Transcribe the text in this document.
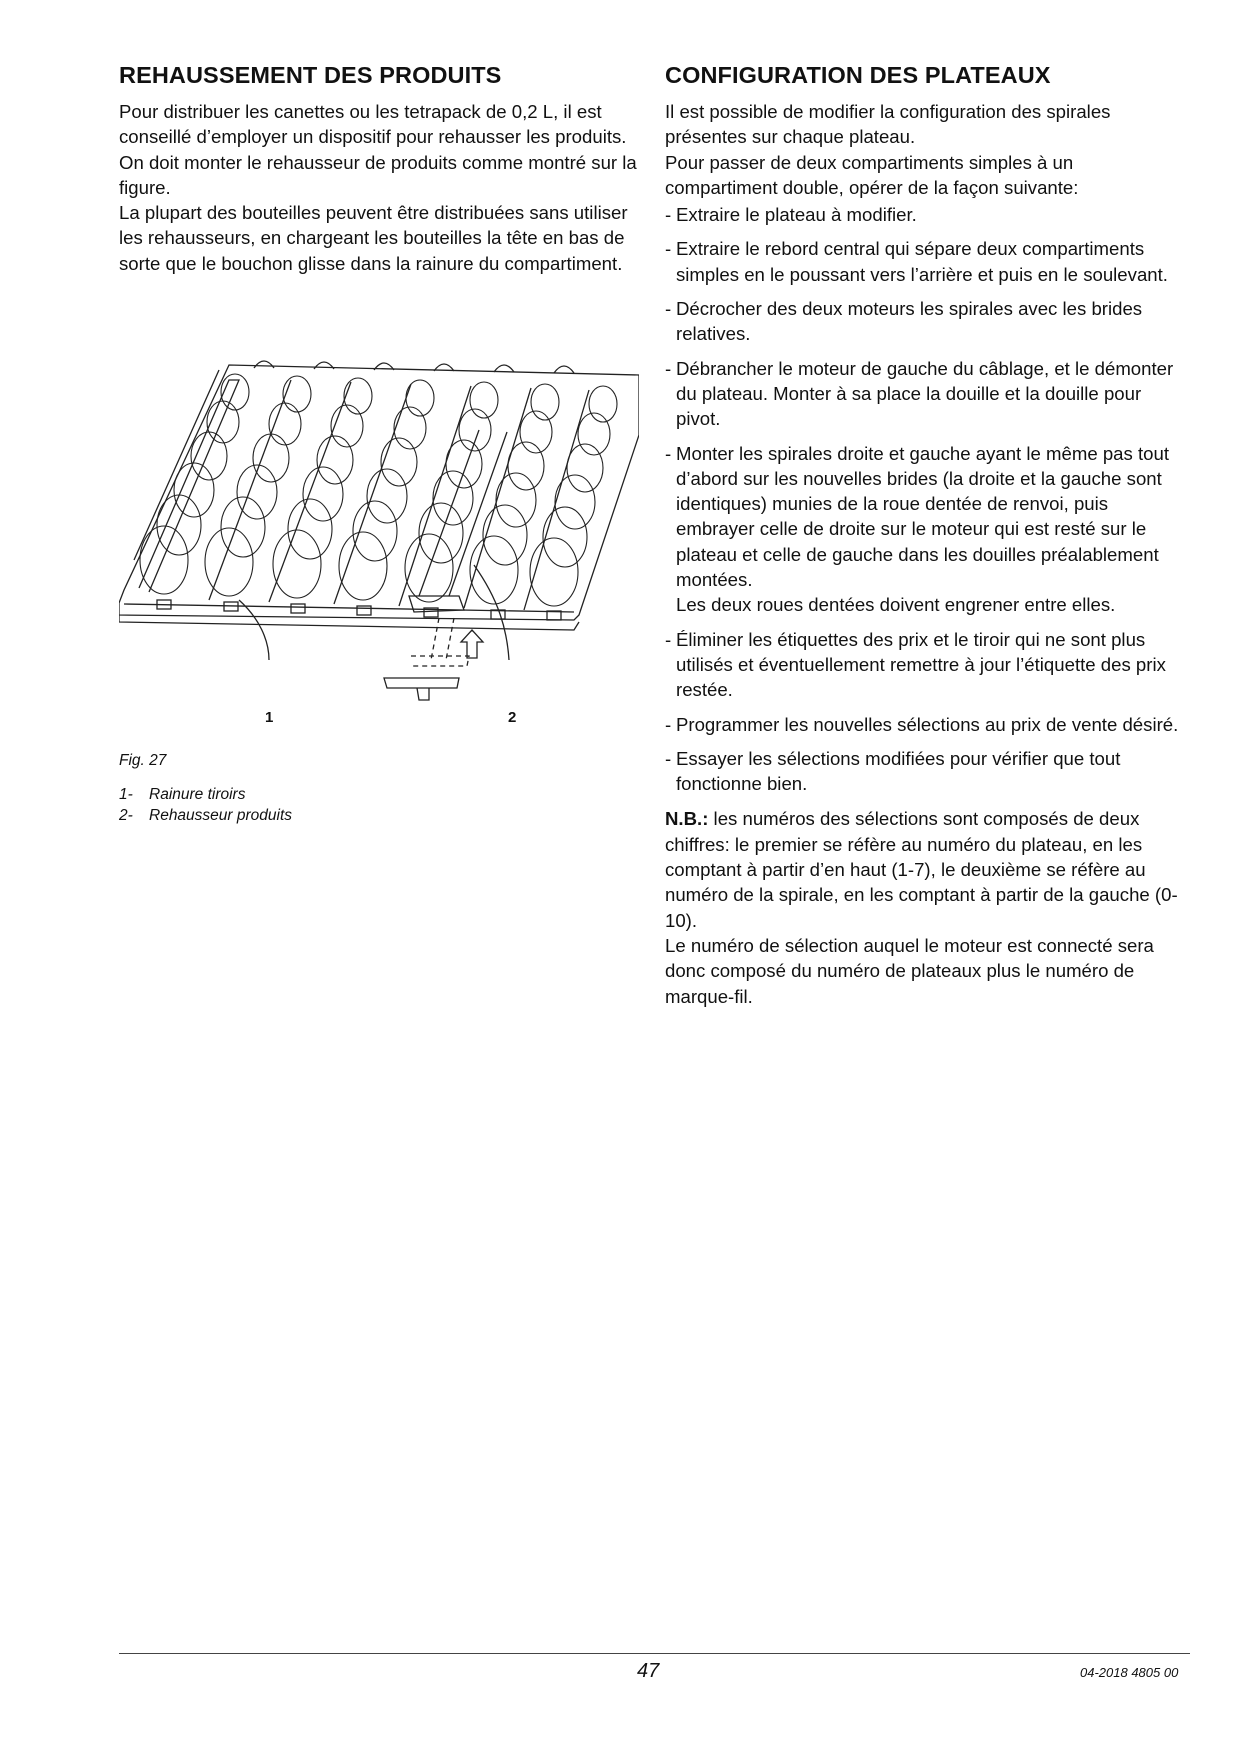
REHAUSSEMENT DES PRODUITS

Pour distribuer les canettes ou les tetrapack de 0,2 L, il est conseillé d’employer un dispositif pour rehausser les produits.

On doit monter le rehausseur de produits comme montré sur la figure.

La plupart des bouteilles peuvent être distribuées sans utiliser les rehausseurs, en chargeant les bouteilles la tête en bas de sorte que le bouchon glisse dans la rainure du compartiment.

1	2
Fig. 27
1-	Rainure tiroirs
2-	Rehausseur produits
CONFIGURATION DES PLATEAUX

Il est possible de modifier la configuration des spirales présentes sur chaque plateau.

Pour passer de deux compartiments simples à un compartiment double, opérer de la façon suivante:

- Extraire le plateau à modifier.
- Extraire le rebord central qui sépare deux compartiments simples en le poussant vers l’arrière et puis en le soulevant.
- Décrocher des deux moteurs les spirales avec les brides relatives.
- Débrancher le moteur de gauche du câblage, et le démonter du plateau. Monter à sa place la douille et la douille pour pivot.
- Monter les spirales droite et gauche ayant le même pas tout d’abord sur les nouvelles brides (la droite et la gauche sont identiques) munies de la roue dentée de renvoi, puis embrayer celle de droite sur le moteur qui est resté sur le plateau et celle de gauche dans les douilles préalablement montées.
Les deux roues dentées doivent engrener entre elles.
- Éliminer les étiquettes des prix et le tiroir qui ne sont plus utilisés et éventuellement remettre à jour l’étiquette des prix restée.
- Programmer les nouvelles sélections au prix de vente désiré.
- Essayer les sélections modifiées pour vérifier que tout fonctionne bien.

N.B.: les numéros des sélections sont composés de deux chiffres: le premier se réfère au numéro du plateau, en les comptant à partir d’en haut (1-7), le deuxième se réfère au numéro de la spirale, en les comptant à partir de la gauche (0-10).

Le numéro de sélection auquel le moteur est connecté sera donc composé du numéro de plateaux plus le numéro de marque-fil.

47	04-2018 4805 00
